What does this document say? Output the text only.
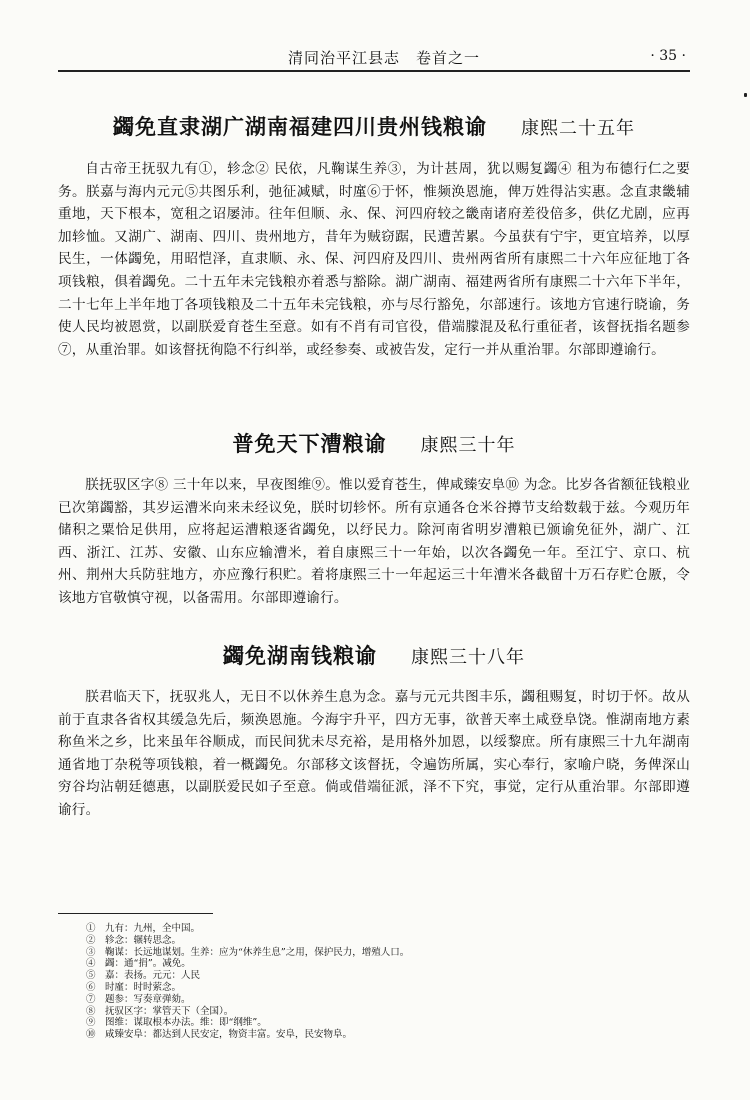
清同治平江县志　卷首之一	· 35 ·
蠲免直隶湖广湖南福建四川贵州钱粮谕 康熙二十五年
自古帝王抚驭九有①，轸念② 民依，凡鞠谋生养③，为计甚周，犹以赐复蠲④ 租为布德行仁之要务。朕嘉与海内元元⑤共图乐利，弛征减赋，时廑⑥于怀，惟频涣恩施，俾万姓得沾实惠。念直隶畿辅重地，天下根本，宽租之诏屡沛。往年但顺、永、保、河四府较之畿南诸府差役倍多，供亿尤剧，应再加轸恤。又湖广、湖南、四川、贵州地方，昔年为贼窃踞，民遭苦累。今虽获有宁宇，更宜培养，以厚民生，一体蠲免，用昭恺泽，直隶顺、永、保、河四府及四川、贵州两省所有康熙二十六年应征地丁各项钱粮，俱着蠲免。二十五年未完钱粮亦着悉与豁除。湖广湖南、福建两省所有康熙二十六年下半年，二十七年上半年地丁各项钱粮及二十五年未完钱粮，亦与尽行豁免，尔部速行。该地方官速行晓谕，务使人民均被恩赏，以副朕爱育苍生至意。如有不肖有司官役，借端朦混及私行重征者，该督抚指名题参⑦，从重治罪。如该督抚徇隐不行纠举，或经参奏、或被告发，定行一并从重治罪。尔部即遵谕行。
普免天下漕粮谕 康熙三十年
朕抚驭区字⑧ 三十年以来，早夜图维⑨。惟以爱育苍生，俾咸臻安阜⑩ 为念。比岁各省额征钱粮业已次第蠲豁，其岁运漕米向来未经议免，朕时切轸怀。所有京通各仓米谷撙节支给数载于兹。今观历年储积之粟恰足供用，应将起运漕粮逐省蠲免，以纾民力。除河南省明岁漕粮已颁谕免征外，湖广、江西、浙江、江苏、安徽、山东应输漕米，着自康熙三十一年始，以次各蠲免一年。至江宁、京口、杭州、荆州大兵防驻地方，亦应豫行积贮。着将康熙三十一年起运三十年漕米各截留十万石存贮仓厫，令该地方官敬慎守视，以备需用。尔部即遵谕行。
蠲免湖南钱粮谕 康熙三十八年
朕君临天下，抚驭兆人，无日不以休养生息为念。嘉与元元共图丰乐，蠲租赐复，时切于怀。故从前于直隶各省权其缓急先后，频涣恩施。今海宇升平，四方无事，欲普天率土咸登阜饶。惟湖南地方素称鱼米之乡，比来虽年谷顺成，而民间犹未尽充裕，是用格外加恩，以绥黎庶。所有康熙三十九年湖南通省地丁杂税等项钱粮，着一概蠲免。尔部移文该督抚，令遍饬所属，实心奉行，家喻户晓，务俾深山穷谷均沾朝廷德惠，以副朕爱民如子至意。倘或借端征派，泽不下究，事觉，定行从重治罪。尔部即遵谕行。
①　九有：九州，全中国。
②　轸念：辗转思念。
③　鞠谋：长远地谋划。生养：应为“休养生息”之用，保护民力，增殖人口。
④　蠲：通“捐”。减免。
⑤　嘉：表扬。元元：人民
⑥　时廑：时时萦念。
⑦　题参：写奏章弹劾。
⑧　抚驭区字：掌管天下（全国）。
⑨　图维：谋取根本办法。维：即“纲维”。
⑩　咸臻安阜：都达到人民安定，物资丰富。安阜，民安物阜。
